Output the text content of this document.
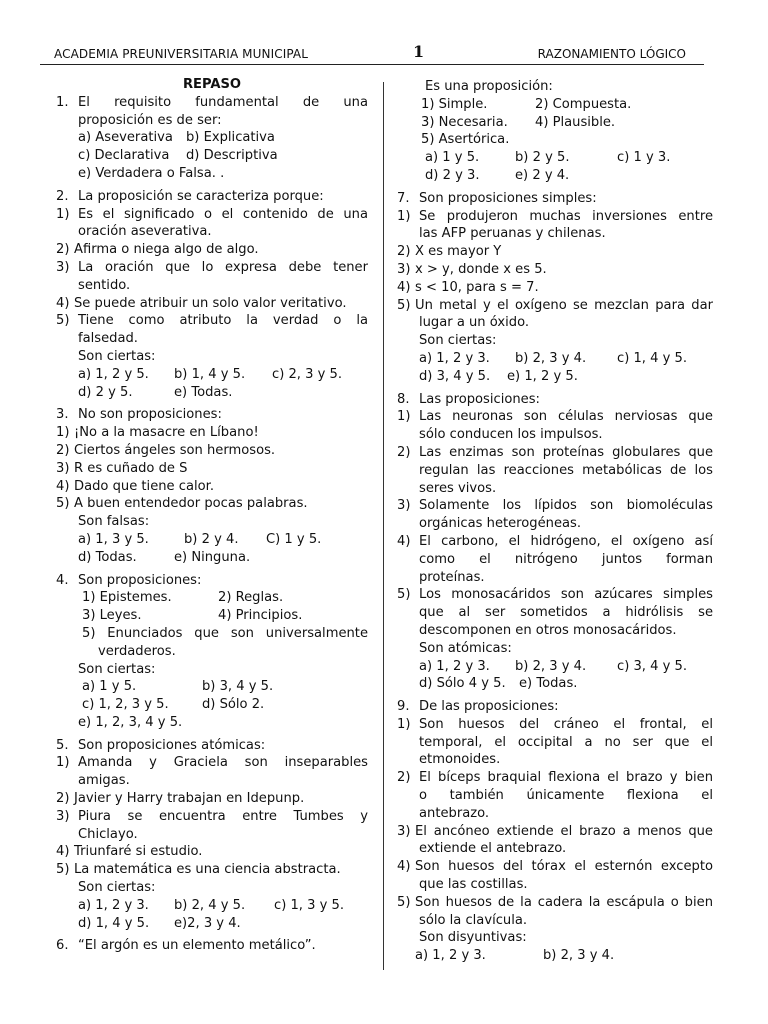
ACADEMIA PREUNIVERSITARIA MUNICIPAL	1	RAZONAMIENTO LÓGICO
REPASO
1. El requisito fundamental de una
proposición es de ser:
a) Aseverativa	b) Explicativa
c) Declarativa	d) Descriptiva
e) Verdadera o Falsa. .
2. La proposición se caracteriza porque:
1) Es el significado o el contenido de una
oración aseverativa.
2) Afirma o niega algo de algo.
3) La oración que lo expresa debe tener
sentido.
4) Se puede atribuir un solo valor veritativo.
5) Tiene como atributo la verdad o la
falsedad.
Son ciertas:
a) 1, 2 y 5.	b) 1, 4 y 5.	c) 2, 3 y 5.
d) 2 y 5.	e) Todas.
3. No son proposiciones:
1) ¡No a la masacre en Líbano!
2) Ciertos ángeles son hermosos.
3) R es cuñado de S
4) Dado que tiene calor.
5) A buen entendedor pocas palabras.
Son falsas:
a) 1, 3 y 5.	b) 2 y 4.	C) 1 y 5.
d) Todas.	e) Ninguna.
4. Son proposiciones:
1) Epistemes.	2) Reglas.
3) Leyes.	4) Principios.
5) Enunciados que son universalmente
verdaderos.
Son ciertas:
a) 1 y 5.	b) 3, 4 y 5.
c) 1, 2, 3 y 5.	d) Sólo 2.
e) 1, 2, 3, 4 y 5.
5. Son proposiciones atómicas:
1) Amanda y Graciela son inseparables
amigas.
2) Javier y Harry trabajan en Idepunp.
3) Piura se encuentra entre Tumbes y
Chiclayo.
4) Triunfaré si estudio.
5) La matemática es una ciencia abstracta.
Son ciertas:
a) 1, 2 y 3.	b) 2, 4 y 5.	c) 1, 3 y 5.
d) 1, 4 y 5.	e)2, 3 y 4.
6. “El argón es un elemento metálico”.
Es una proposición:
1) Simple.	2) Compuesta.
3) Necesaria.	4) Plausible.
5) Asertórica.
a) 1 y 5.	b) 2 y 5.	c) 1 y 3.
d) 2 y 3.	e) 2 y 4.
7. Son proposiciones simples:
1) Se produjeron muchas inversiones entre
las AFP peruanas y chilenas.
2) X es mayor Y
3) x > y, donde x es 5.
4) s < 10, para s = 7.
5) Un metal y el oxígeno se mezclan para dar
lugar a un óxido.
Son ciertas:
a) 1, 2 y 3.	b) 2, 3 y 4.	c) 1, 4 y 5.
d) 3, 4 y 5.	e) 1, 2 y 5.
8. Las proposiciones:
1) Las neuronas son células nerviosas que
sólo conducen los impulsos.
2) Las enzimas son proteínas globulares que
regulan las reacciones metabólicas de los
seres vivos.
3) Solamente los lípidos son biomoléculas
orgánicas heterogéneas.
4) El carbono, el hidrógeno, el oxígeno así
como el nitrógeno juntos forman
proteínas.
5) Los monosacáridos son azúcares simples
que al ser sometidos a hidrólisis se
descomponen en otros monosacáridos.
Son atómicas:
a) 1, 2 y 3.	b) 2, 3 y 4.	c) 3, 4 y 5.
d) Sólo 4 y 5.	e) Todas.
9. De las proposiciones:
1) Son huesos del cráneo el frontal, el
temporal, el occipital a no ser que el
etmonoides.
2) El bíceps braquial flexiona el brazo y bien
o también únicamente flexiona el
antebrazo.
3) El ancóneo extiende el brazo a menos que
extiende el antebrazo.
4) Son huesos del tórax el esternón excepto
que las costillas.
5) Son huesos de la cadera la escápula o bien
sólo la clavícula.
Son disyuntivas:
a) 1, 2 y 3.	b) 2, 3 y 4.
